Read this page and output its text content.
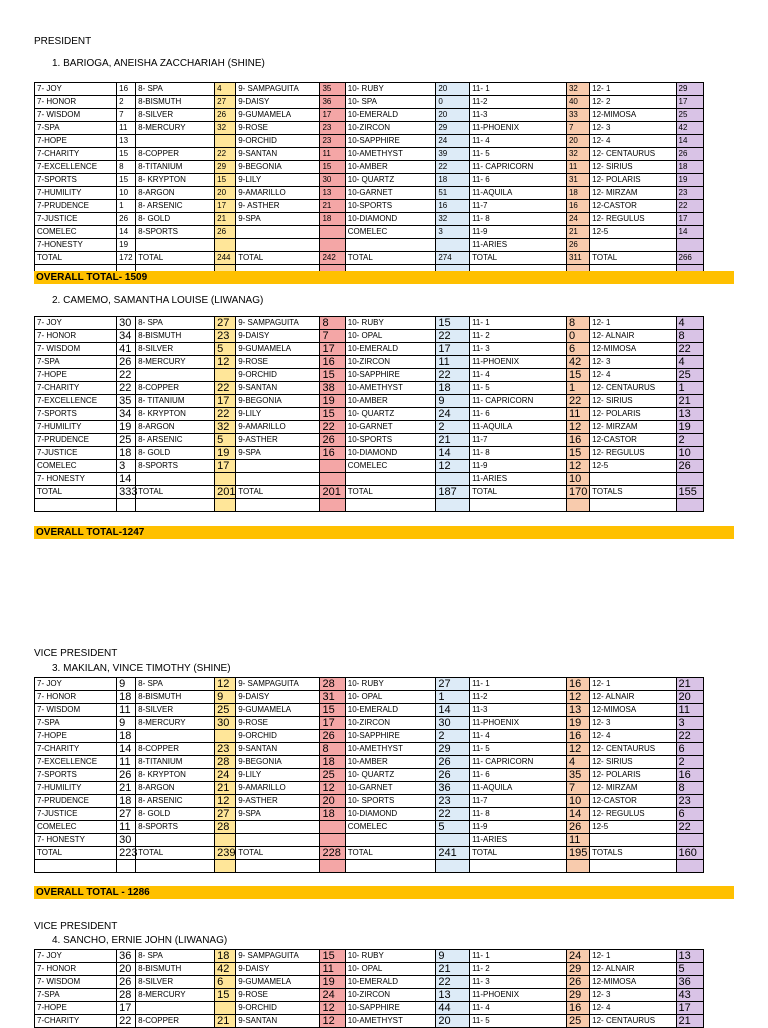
PRESIDENT
1. BARIOGA, ANEISHA ZACCHARIAH (SHINE)
7- JOY	16	8- SPA	4	9- SAMPAGUITA	35	10- RUBY	20	11- 1	32	12- 1	29
7- HONOR	2	8-BISMUTH	27	9-DAISY	36	10- SPA	0	11-2	40	12- 2	17
7- WISDOM	7	8-SILVER	26	9-GUMAMELA	17	10-EMERALD	20	11-3	33	12-MIMOSA	25
7-SPA	11	8-MERCURY	32	9-ROSE	23	10-ZIRCON	29	11-PHOENIX	7	12- 3	42
7-HOPE	13			9-ORCHID	23	10-SAPPHIRE	24	11- 4	20	12- 4	14
7-CHARITY	15	8-COPPER	22	9-SANTAN	11	10-AMETHYST	39	11- 5	32	12- CENTAURUS	26
7-EXCELLENCE	8	8-TITANIUM	29	9-BEGONIA	15	10-AMBER	22	11- CAPRICORN	11	12- SIRIUS	18
7-SPORTS	15	8- KRYPTON	15	9-LILY	30	10- QUARTZ	18	11- 6	31	12- POLARIS	19
7-HUMILITY	10	8-ARGON	20	9-AMARILLO	13	10-GARNET	51	11-AQUILA	18	12- MIRZAM	23
7-PRUDENCE	1	8- ARSENIC	17	9- ASTHER	21	10-SPORTS	16	11-7	16	12-CASTOR	22
7-JUSTICE	26	8- GOLD	21	9-SPA	18	10-DIAMOND	32	11- 8	24	12- REGULUS	17
COMELEC	14	8-SPORTS	26			COMELEC	3	11-9	21	12-5	14
7-HONESTY	19							11-ARIES	26		
TOTAL	172	TOTAL	244	TOTAL	242	TOTAL	274	TOTAL	311	TOTAL	266

OVERALL TOTAL- 1509
2. CAMEMO, SAMANTHA LOUISE (LIWANAG)
7- JOY	30	8- SPA	27	9- SAMPAGUITA	8	10- RUBY	15	11- 1	8	12- 1	4
7- HONOR	34	8-BISMUTH	23	9-DAISY	7	10- OPAL	22	11- 2	0	12- ALNAIR	8
7- WISDOM	41	8-SILVER	5	9-GUMAMELA	17	10-EMERALD	17	11- 3	6	12-MIMOSA	22
7-SPA	26	8-MERCURY	12	9-ROSE	16	10-ZIRCON	11	11-PHOENIX	42	12- 3	4
7-HOPE	22			9-ORCHID	15	10-SAPPHIRE	22	11- 4	15	12- 4	25
7-CHARITY	22	8-COPPER	22	9-SANTAN	38	10-AMETHYST	18	11- 5	1	12- CENTAURUS	1
7-EXCELLENCE	35	8- TITANIUM	17	9-BEGONIA	19	10-AMBER	9	11- CAPRICORN	22	12- SIRIUS	21
7-SPORTS	34	8- KRYPTON	22	9-LILY	15	10- QUARTZ	24	11- 6	11	12- POLARIS	13
7-HUMILITY	19	8-ARGON	32	9-AMARILLO	22	10-GARNET	2	11-AQUILA	12	12- MIRZAM	19
7-PRUDENCE	25	8- ARSENIC	5	9-ASTHER	26	10-SPORTS	21	11-7	16	12-CASTOR	2
7-JUSTICE	18	8- GOLD	19	9-SPA	16	10-DIAMOND	14	11- 8	15	12- REGULUS	10
COMELEC	3	8-SPORTS	17			COMELEC	12	11-9	12	12-5	26
7- HONESTY	14							11-ARIES	10		
TOTAL	333	TOTAL	201	TOTAL	201	TOTAL	187	TOTAL	170	TOTALS	155

OVERALL TOTAL-1247
VICE PRESIDENT
3. MAKILAN, VINCE TIMOTHY (SHINE)
7- JOY	9	8- SPA	12	9- SAMPAGUITA	28	10- RUBY	27	11- 1	16	12- 1	21
7- HONOR	18	8-BISMUTH	9	9-DAISY	31	10- OPAL	1	11-2	12	12- ALNAIR	20
7- WISDOM	11	8-SILVER	25	9-GUMAMELA	15	10-EMERALD	14	11-3	13	12-MIMOSA	11
7-SPA	9	8-MERCURY	30	9-ROSE	17	10-ZIRCON	30	11-PHOENIX	19	12- 3	3
7-HOPE	18			9-ORCHID	26	10-SAPPHIRE	2	11- 4	16	12- 4	22
7-CHARITY	14	8-COPPER	23	9-SANTAN	8	10-AMETHYST	29	11- 5	12	12- CENTAURUS	6
7-EXCELLENCE	11	8-TITANIUM	28	9-BEGONIA	18	10-AMBER	26	11- CAPRICORN	4	12- SIRIUS	2
7-SPORTS	26	8- KRYPTON	24	9-LILY	25	10- QUARTZ	26	11- 6	35	12- POLARIS	16
7-HUMILITY	21	8-ARGON	21	9-AMARILLO	12	10-GARNET	36	11-AQUILA	7	12- MIRZAM	8
7-PRUDENCE	18	8- ARSENIC	12	9-ASTHER	20	10- SPORTS	23	11-7	10	12-CASTOR	23
7-JUSTICE	27	8- GOLD	27	9-SPA	18	10-DIAMOND	22	11- 8	14	12- REGULUS	6
COMELEC	11	8-SPORTS	28			COMELEC	5	11-9	26	12-5	22
7- HONESTY	30							11-ARIES	11		
TOTAL	223	TOTAL	239	TOTAL	228	TOTAL	241	TOTAL	195	TOTALS	160

OVERALL TOTAL - 1286
VICE PRESIDENT
4. SANCHO, ERNIE JOHN (LIWANAG)
7- JOY	36	8- SPA	18	9- SAMPAGUITA	15	10- RUBY	9	11- 1	24	12- 1	13
7- HONOR	20	8-BISMUTH	42	9-DAISY	11	10- OPAL	21	11- 2	29	12- ALNAIR	5
7- WISDOM	26	8-SILVER	6	9-GUMAMELA	19	10-EMERALD	22	11- 3	26	12-MIMOSA	36
7-SPA	28	8-MERCURY	15	9-ROSE	24	10-ZIRCON	13	11-PHOENIX	29	12- 3	43
7-HOPE	17			9-ORCHID	12	10-SAPPHIRE	44	11- 4	16	12- 4	17
7-CHARITY	22	8-COPPER	21	9-SANTAN	12	10-AMETHYST	20	11- 5	25	12- CENTAURUS	21
